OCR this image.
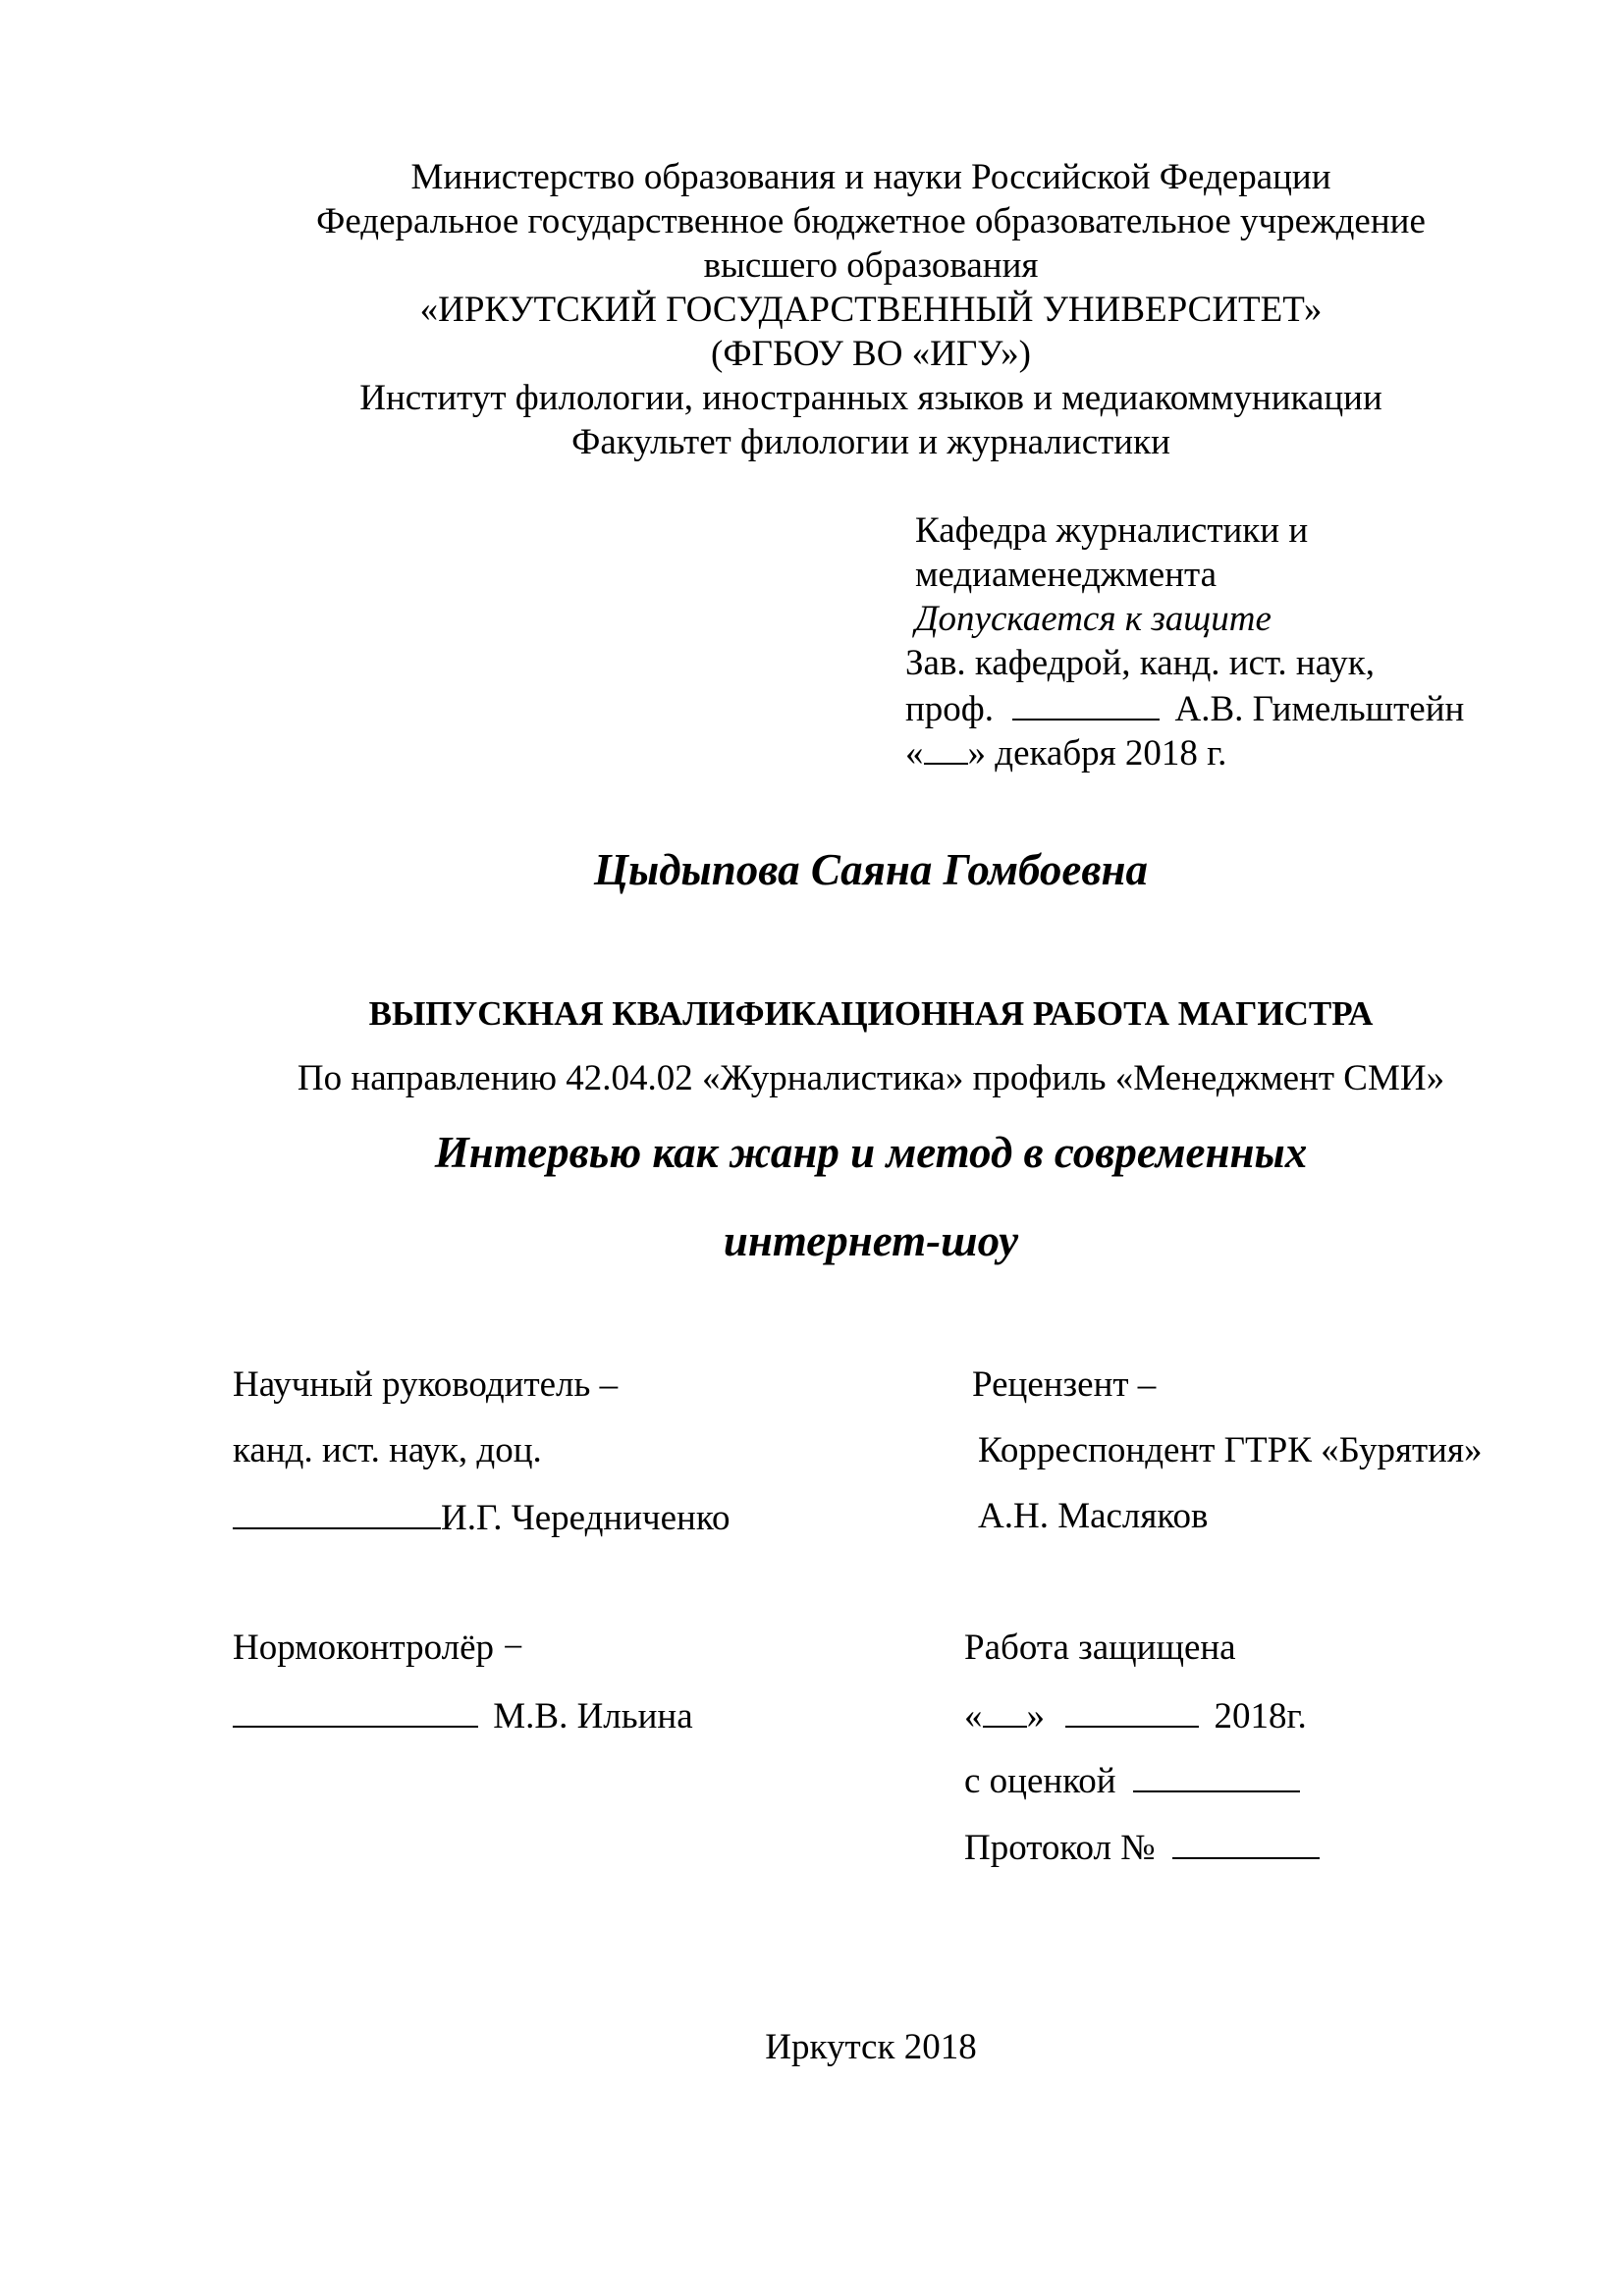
Министерство образования и науки Российской Федерации
Федеральное государственное бюджетное образовательное учреждение
высшего образования
«ИРКУТСКИЙ ГОСУДАРСТВЕННЫЙ УНИВЕРСИТЕТ»
(ФГБОУ ВО «ИГУ»)
Институт филологии, иностранных языков и медиакоммуникации
Факультет филологии и журналистики
Кафедра журналистики и
медиаменеджмента
Допускается к защите
Зав. кафедрой, канд. ист. наук,
проф.	А.В. Гимельштейн
« » декабря 2018 г.
Цыдыпова Саяна Гомбоевна
ВЫПУСКНАЯ КВАЛИФИКАЦИОННАЯ РАБОТА МАГИСТРА
По направлению 42.04.02 «Журналистика» профиль «Менеджмент СМИ»
Интервью как жанр и метод в современных
интернет-шоу
Научный руководитель –
канд. ист. наук, доц.
И.Г. Чередниченко
Рецензент –
Корреспондент ГТРК «Бурятия»
А.Н. Масляков
Нормоконтролёр −
М.В. Ильина
Работа защищена
« »	2018г.
с оценкой
Протокол №
Иркутск 2018
